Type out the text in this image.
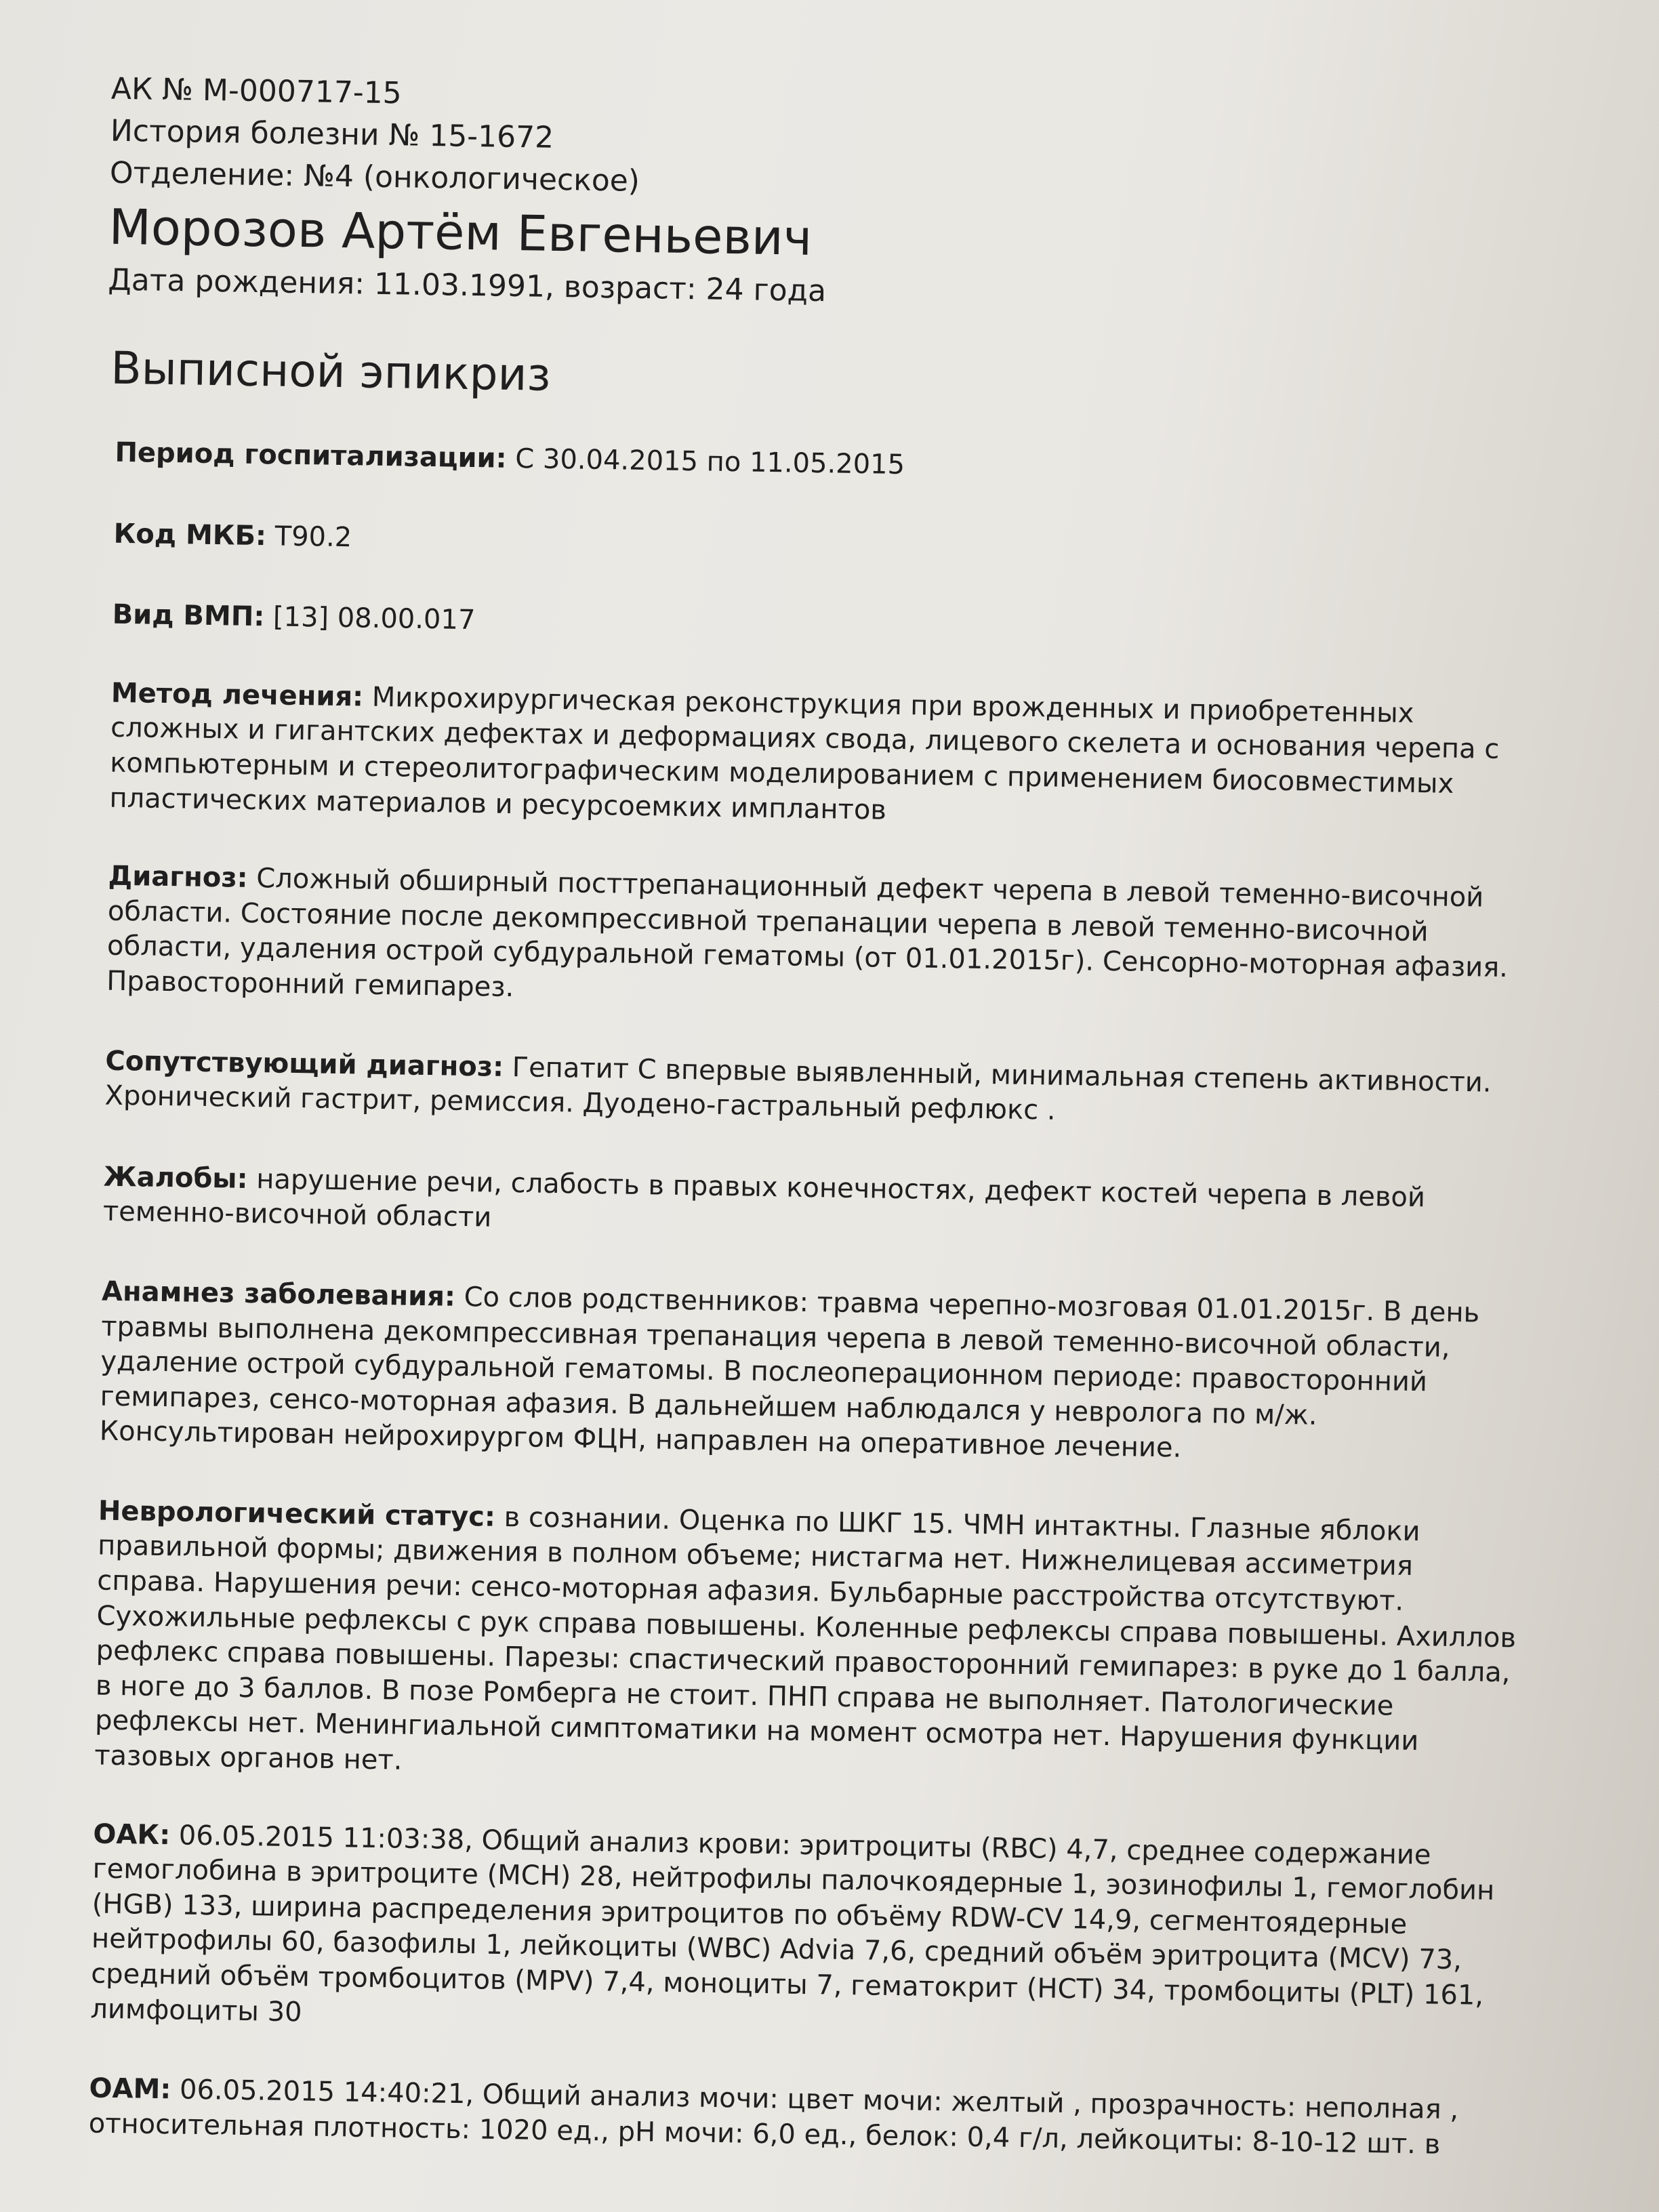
АК № М-000717-15
История болезни № 15-1672
Отделение: №4 (онкологическое)
Морозов Артём Евгеньевич
Дата рождения: 11.03.1991, возраст: 24 года
Выписной эпикриз

Период госпитализации: С 30.04.2015 по 11.05.2015

Код МКБ: T90.2

Вид ВМП: [13] 08.00.017

Метод лечения: Микрохирургическая реконструкция при врожденных и приобретенных сложных и гигантских дефектах и деформациях свода, лицевого скелета и основания черепа с компьютерным и стереолитографическим моделированием с применением биосовместимых пластических материалов и ресурсоемких имплантов

Диагноз: Сложный обширный посттрепанационный дефект черепа в левой теменно-височной области. Состояние после декомпрессивной трепанации черепа в левой теменно-височной области, удаления острой субдуральной гематомы (от 01.01.2015г). Сенсорно-моторная афазия. Правосторонний гемипарез.

Сопутствующий диагноз: Гепатит С впервые выявленный, минимальная степень активности. Хронический гастрит, ремиссия. Дуодено-гастральный рефлюкс .

Жалобы: нарушение речи, слабость в правых конечностях, дефект костей черепа в левой теменно-височной области

Анамнез заболевания: Со слов родственников: травма черепно-мозговая 01.01.2015г. В день травмы выполнена декомпрессивная трепанация черепа в левой теменно-височной области, удаление острой субдуральной гематомы. В послеоперационном периоде: правосторонний гемипарез, сенсо-моторная афазия. В дальнейшем наблюдался у невролога по м/ж. Консультирован нейрохирургом ФЦН, направлен на оперативное лечение.

Неврологический статус: в сознании. Оценка по ШКГ 15. ЧМН интактны. Глазные яблоки правильной формы; движения в полном объеме; нистагма нет. Нижнелицевая ассиметрия справа. Нарушения речи: сенсо-моторная афазия. Бульбарные расстройства отсутствуют. Сухожильные рефлексы с рук справа повышены. Коленные рефлексы справа повышены. Ахиллов рефлекс справа повышены. Парезы: спастический правосторонний гемипарез: в руке до 1 балла, в ноге до 3 баллов. В позе Ромберга не стоит. ПНП справа не выполняет. Патологические рефлексы нет. Менингиальной симптоматики на момент осмотра нет. Нарушения функции тазовых органов нет.

ОАК: 06.05.2015 11:03:38, Общий анализ крови: эритроциты (RBC) 4,7, среднее содержание гемоглобина в эритроците (MCH) 28, нейтрофилы палочкоядерные 1, эозинофилы 1, гемоглобин (HGB) 133, ширина распределения эритроцитов по объёму RDW-CV 14,9, сегментоядерные нейтрофилы 60, базофилы 1, лейкоциты (WBC) Advia 7,6, средний объём эритроцита (MCV) 73, средний объём тромбоцитов (MPV) 7,4, моноциты 7, гематокрит (HCT) 34, тромбоциты (PLT) 161, лимфоциты 30

ОАМ: 06.05.2015 14:40:21, Общий анализ мочи: цвет мочи: желтый , прозрачность: неполная , относительная плотность: 1020 ед., pH мочи: 6,0 ед., белок: 0,4 г/л, лейкоциты: 8-10-12 шт. в
